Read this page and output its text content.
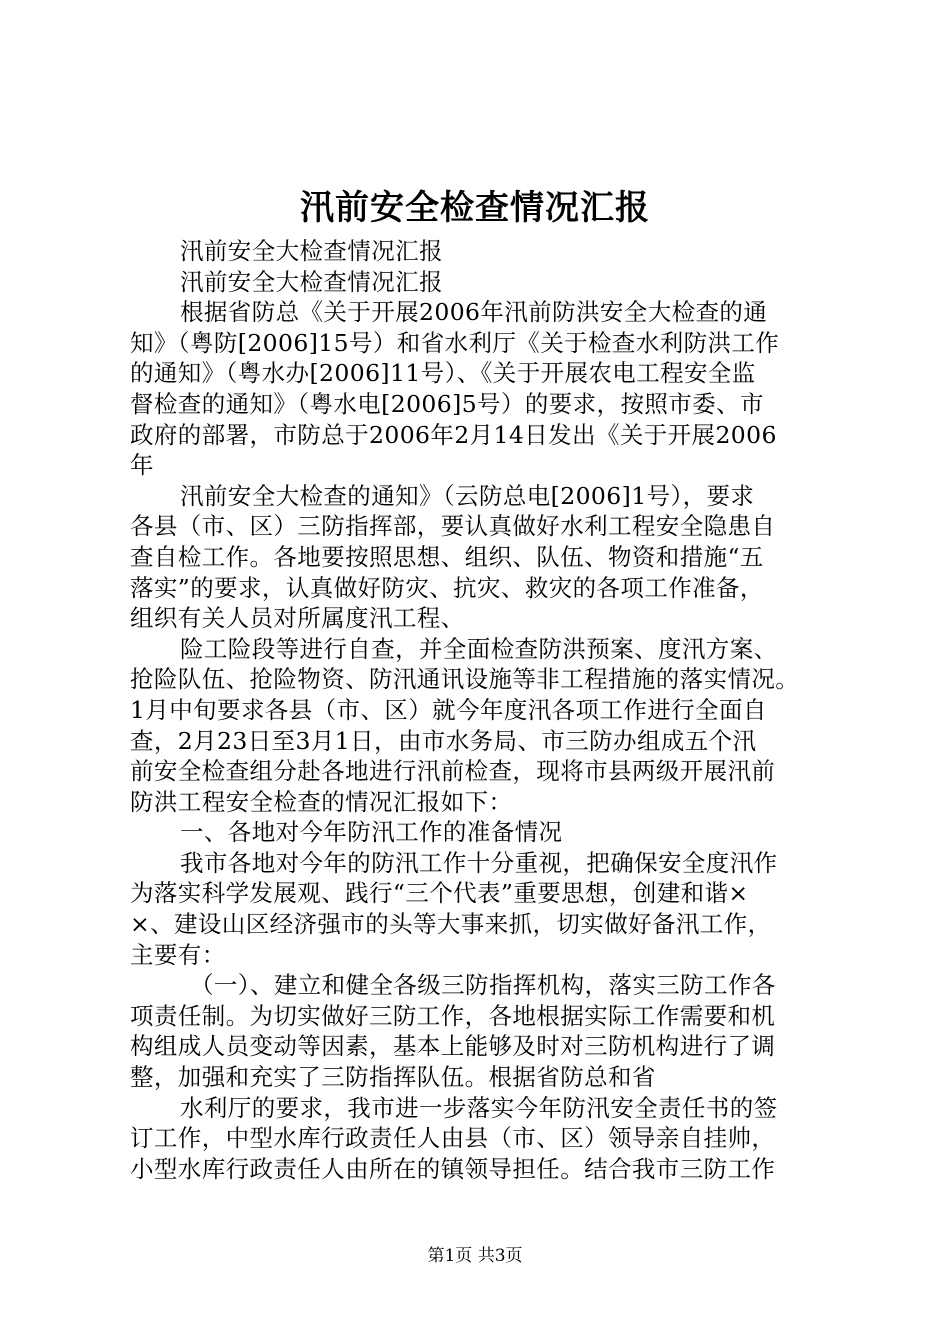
汛前安全检查情况汇报
汛前安全大检查情况汇报
汛前安全大检查情况汇报
根据省防总《关于开展2006年汛前防洪安全大检查的通
知》（粤防[2006]15号）和省水利厅《关于检查水利防洪工作
的通知》（粤水办[2006]11号）、《关于开展农电工程安全监
督检查的通知》（粤水电[2006]5号）的要求，按照市委、市
政府的部署，市防总于2006年2月14日发出《关于开展2006
年
汛前安全大检查的通知》（云防总电[2006]1号），要求
各县（市、区）三防指挥部，要认真做好水利工程安全隐患自
查自检工作。各地要按照思想、组织、队伍、物资和措施“五
落实”的要求，认真做好防灾、抗灾、救灾的各项工作准备，
组织有关人员对所属度汛工程、
险工险段等进行自查，并全面检查防洪预案、度汛方案、
抢险队伍、抢险物资、防汛通讯设施等非工程措施的落实情况。
1月中旬要求各县（市、区）就今年度汛各项工作进行全面自
查，2月23日至3月1日，由市水务局、市三防办组成五个汛
前安全检查组分赴各地进行汛前检查，现将市县两级开展汛前
防洪工程安全检查的情况汇报如下：
一、各地对今年防汛工作的准备情况
我市各地对今年的防汛工作十分重视，把确保安全度汛作
为落实科学发展观、践行“三个代表”重要思想，创建和谐×
×、建设山区经济强市的头等大事来抓，切实做好备汛工作，
主要有：
（一）、建立和健全各级三防指挥机构，落实三防工作各
项责任制。为切实做好三防工作，各地根据实际工作需要和机
构组成人员变动等因素，基本上能够及时对三防机构进行了调
整，加强和充实了三防指挥队伍。根据省防总和省
水利厅的要求，我市进一步落实今年防汛安全责任书的签
订工作，中型水库行政责任人由县（市、区）领导亲自挂帅，
小型水库行政责任人由所在的镇领导担任。结合我市三防工作
第1页 共3页
